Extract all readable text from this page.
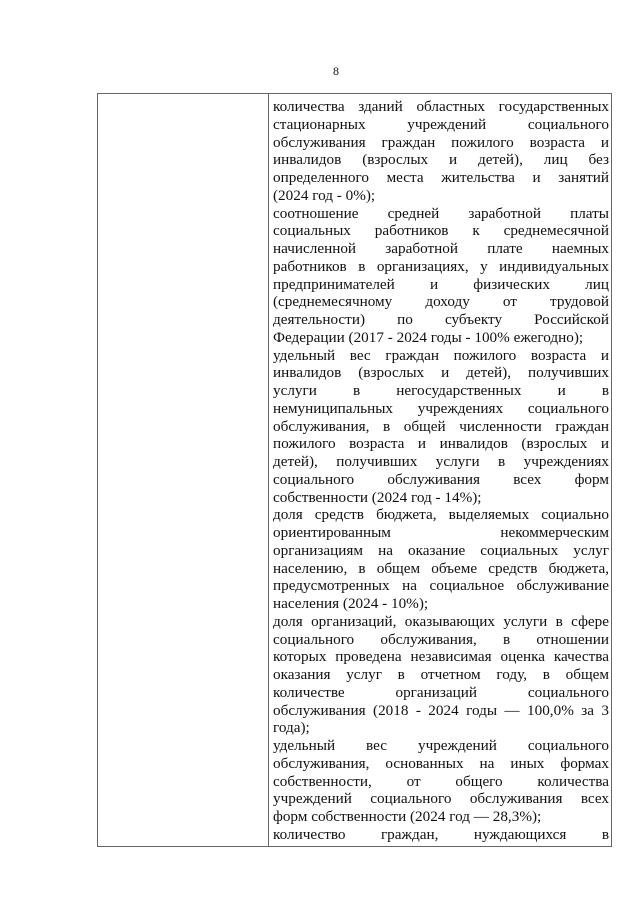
8
количества зданий областных государственных
стационарных учреждений социального
обслуживания граждан пожилого возраста и
инвалидов (взрослых и детей), лиц без
определенного места жительства и занятий
(2024 год - 0%);
соотношение средней заработной платы
социальных работников к среднемесячной
начисленной заработной плате наемных
работников в организациях, у индивидуальных
предпринимателей и физических лиц
(среднемесячному доходу от трудовой
деятельности) по субъекту Российской
Федерации (2017 - 2024 годы - 100% ежегодно);
удельный вес граждан пожилого возраста и
инвалидов (взрослых и детей), получивших
услуги в негосударственных и в
немуниципальных учреждениях социального
обслуживания, в общей численности граждан
пожилого возраста и инвалидов (взрослых и
детей), получивших услуги в учреждениях
социального обслуживания всех форм
собственности (2024 год - 14%);
доля средств бюджета, выделяемых социально
ориентированным некоммерческим
организациям на оказание социальных услуг
населению, в общем объеме средств бюджета,
предусмотренных на социальное обслуживание
населения (2024 - 10%);
доля организаций, оказывающих услуги в сфере
социального обслуживания, в отношении
которых проведена независимая оценка качества
оказания услуг в отчетном году, в общем
количестве организаций социального
обслуживания (2018 - 2024 годы — 100,0% за 3
года);
удельный вес учреждений социального
обслуживания, основанных на иных формах
собственности, от общего количества
учреждений социального обслуживания всех
форм собственности (2024 год — 28,3%);
количество граждан, нуждающихся в
